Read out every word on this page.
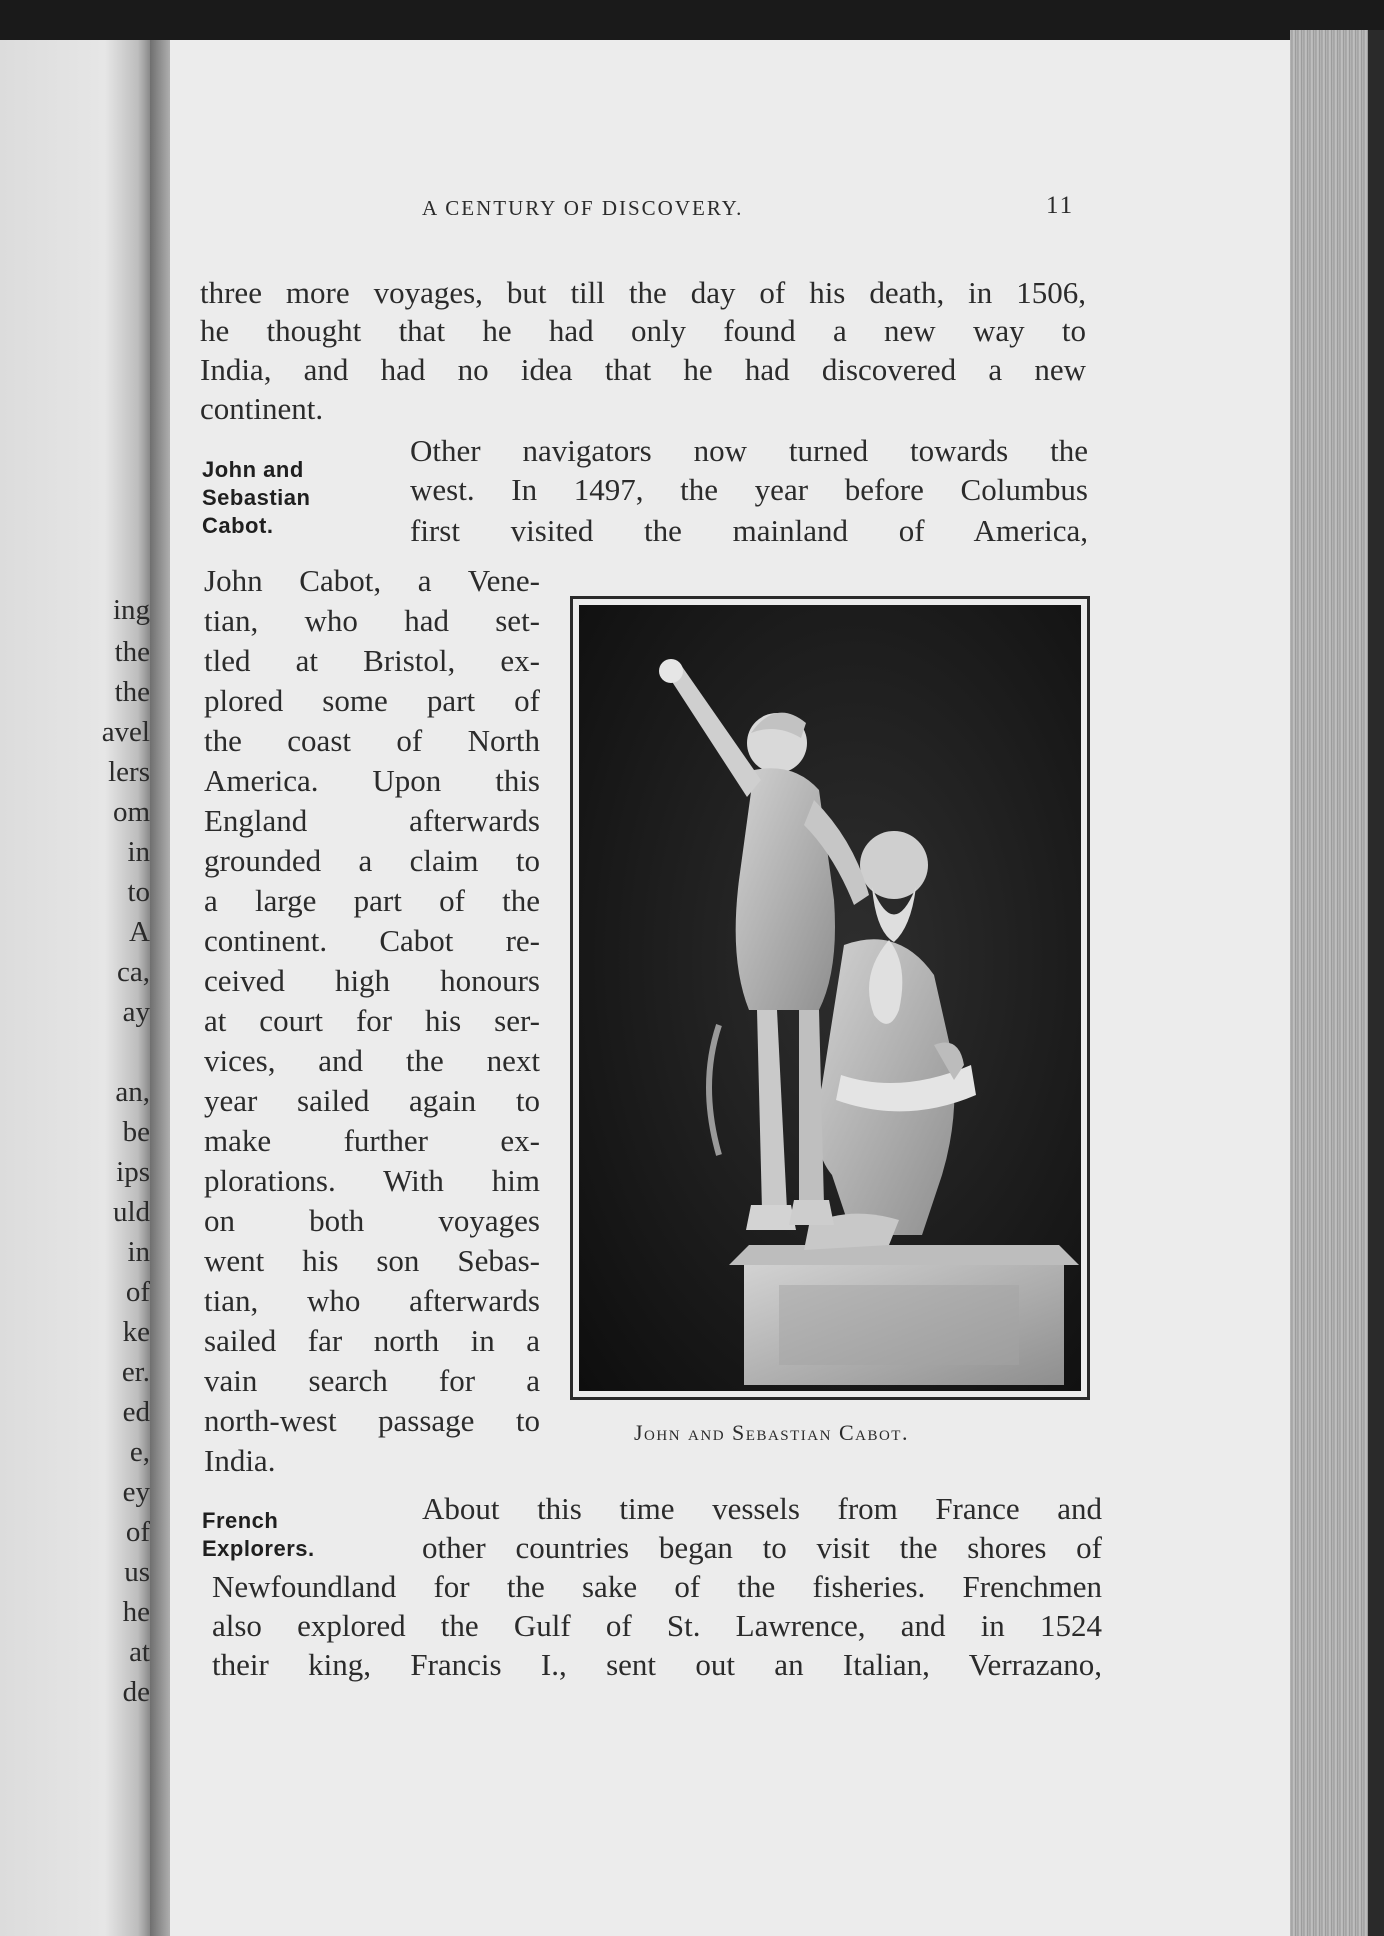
ing
the
the
avel
lers
om
in
to
A
ca,
ay
an,
be
ips
uld
in
of
ke
er.
ed
e,
ey
of
us
he
at
de
A CENTURY OF DISCOVERY.	11
three more voyages, but till the day of his death, in 1506,
he thought that he had only found a new way to
India, and had no idea that he had discovered a new
continent.
John and
Sebastian
Cabot.
Other navigators now turned towards the
west. In 1497, the year before Columbus
first visited the mainland of America,
John Cabot, a Vene-
tian, who had set-
tled at Bristol, ex-
plored some part of
the coast of North
America. Upon this
England afterwards
grounded a claim to
a large part of the
continent. Cabot re-
ceived high honours
at court for his ser-
vices, and the next
year sailed again to
make further ex-
plorations. With him
on both voyages
went his son Sebas-
tian, who afterwards
sailed far north in a
vain search for a
north-west passage to
India.
John and Sebastian Cabot.
French
Explorers.
About this time vessels from France and
other countries began to visit the shores of
Newfoundland for the sake of the fisheries. Frenchmen
also explored the Gulf of St. Lawrence, and in 1524
their king, Francis I., sent out an Italian, Verrazano,
